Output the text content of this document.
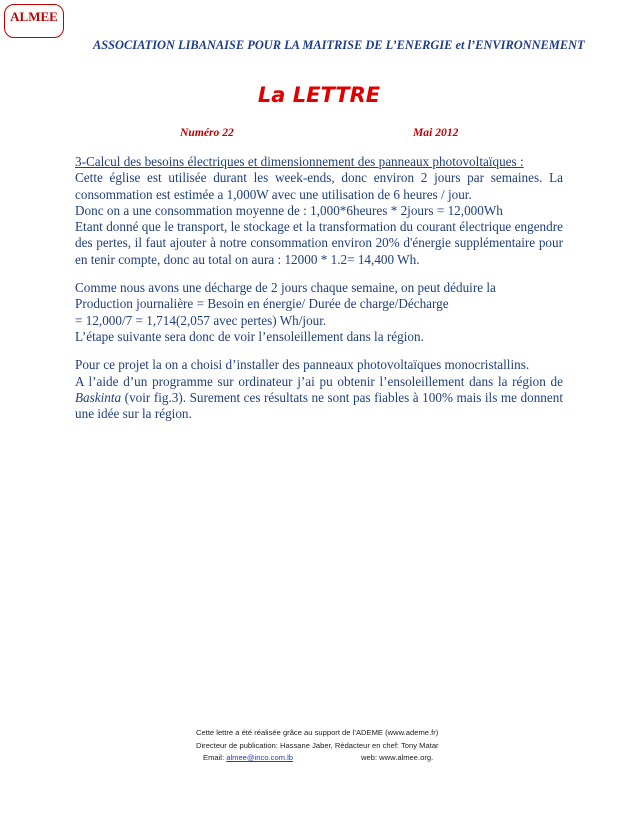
ALMEE
ASSOCIATION LIBANAISE POUR LA MAITRISE DE L’ENERGIE et l’ENVIRONNEMENT
La LETTRE
Numéro 22	Mai 2012

3-Calcul des besoins électriques et dimensionnement des panneaux photovoltaïques :

Cette église est utilisée durant les week-ends, donc environ 2 jours par semaines. La consommation est estimée a 1,000W avec une utilisation de 6 heures / jour.

Donc on a une consommation moyenne de : 1,000*6heures * 2jours = 12,000Wh

Etant donné que le transport, le stockage et la transformation du courant électrique engendre des pertes, il faut ajouter à notre consommation environ 20% d'énergie supplémentaire pour en tenir compte, donc au total on aura : 12000 * 1.2= 14,400 Wh.

Comme nous avons une décharge de 2 jours chaque semaine, on peut déduire la

Production journalière = Besoin en énergie/ Durée de charge/Décharge

= 12,000/7 = 1,714(2,057 avec pertes) Wh/jour.

L’étape suivante sera donc de voir l’ensoleillement dans la région.

Pour ce projet la on a choisi d’installer des panneaux photovoltaïques monocristallins.

A l’aide d’un programme sur ordinateur j’ai pu obtenir l’ensoleillement dans la région de Baskinta (voir fig.3). Surement ces résultats ne sont pas fiables à 100% mais ils me donnent une idée sur la région.

Cette lettre a été réalisée grâce au support de l’ADEME (www.ademe.fr)
Directeur de publication: Hassane Jaber, Rédacteur en chef: Tony Matar
Email: almee@inco.com.lb	web: www.almee.org.
